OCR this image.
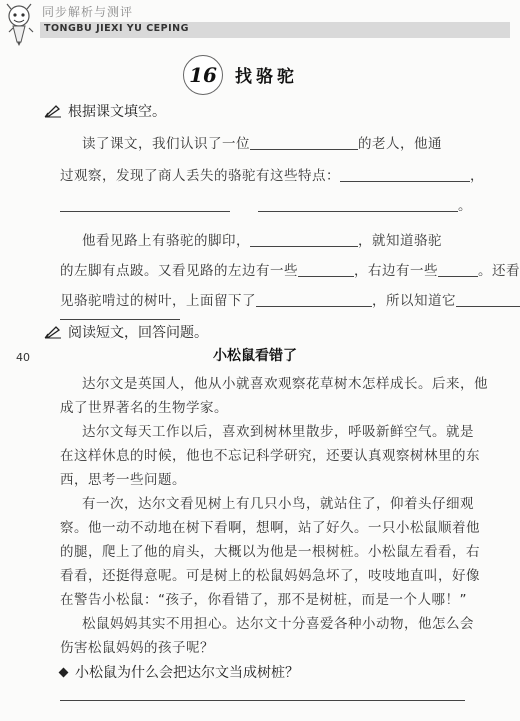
同步解析与测评
TONGBU JIEXI YU CEPING
16	找骆驼
根据课文填空。
读了课文，我们认识了一位	的老人，他通
过观察，发现了商人丢失的骆驼有这些特点：	，
。
他看见路上有骆驼的脚印，	，就知道骆驼
的左脚有点跛。又看见路的左边有一些	，右边有一些	。还看
见骆驼啃过的树叶，上面留下了	，所以知道它
阅读短文，回答问题。
40	小松鼠看错了
达尔文是英国人，他从小就喜欢观察花草树木怎样成长。后来，他
成了世界著名的生物学家。
达尔文每天工作以后，喜欢到树林里散步，呼吸新鲜空气。就是
在这样休息的时候，他也不忘记科学研究，还要认真观察树林里的东
西，思考一些问题。
有一次，达尔文看见树上有几只小鸟，就站住了，仰着头仔细观
察。他一动不动地在树下看啊，想啊，站了好久。一只小松鼠顺着他
的腿，爬上了他的肩头，大概以为他是一根树桩。小松鼠左看看，右
看看，还挺得意呢。可是树上的松鼠妈妈急坏了，吱吱地直叫，好像
在警告小松鼠：“孩子，你看错了，那不是树桩，而是一个人哪！”
松鼠妈妈其实不用担心。达尔文十分喜爱各种小动物，他怎么会
小松鼠为什么会把达尔文当成树桩？
伤害松鼠妈妈的孩子呢？
